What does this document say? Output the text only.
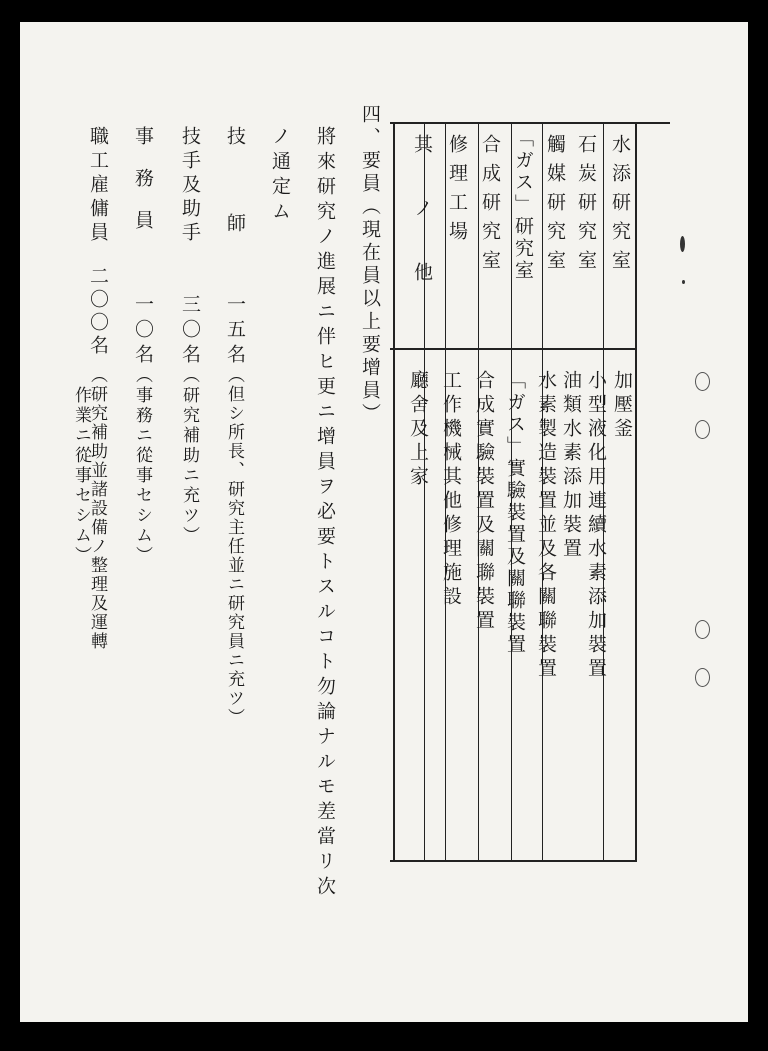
水添研究室
石炭研究室
觸媒研究室
「ガス」研究室
合成研究室
修理工場
其ノ他
加壓釜
小型液化用連續水素添加裝置
油類水素添加裝置
水素製造裝置並及各關聯裝置
「ガス」實驗裝置及關聯裝置
合成實驗裝置及關聯裝置
工作機械其他修理施設
廳舍及上家
四、要員（現在員以上要增員）
將來研究ノ進展ニ伴ヒ更ニ增員ヲ必要トスルコト勿論ナルモ差當リ次
ノ通定ム
技　　師
一五名
（但シ所長、研究主任並ニ研究員ニ充ツ）
技手及助手
三〇名
（研究補助ニ充ツ）
事　務　員
一〇名
（事務ニ從事セシム）
職工雇傭員
二〇〇名
（研究補助並諸設備ノ整理及運轉
作業ニ從事セシム）
